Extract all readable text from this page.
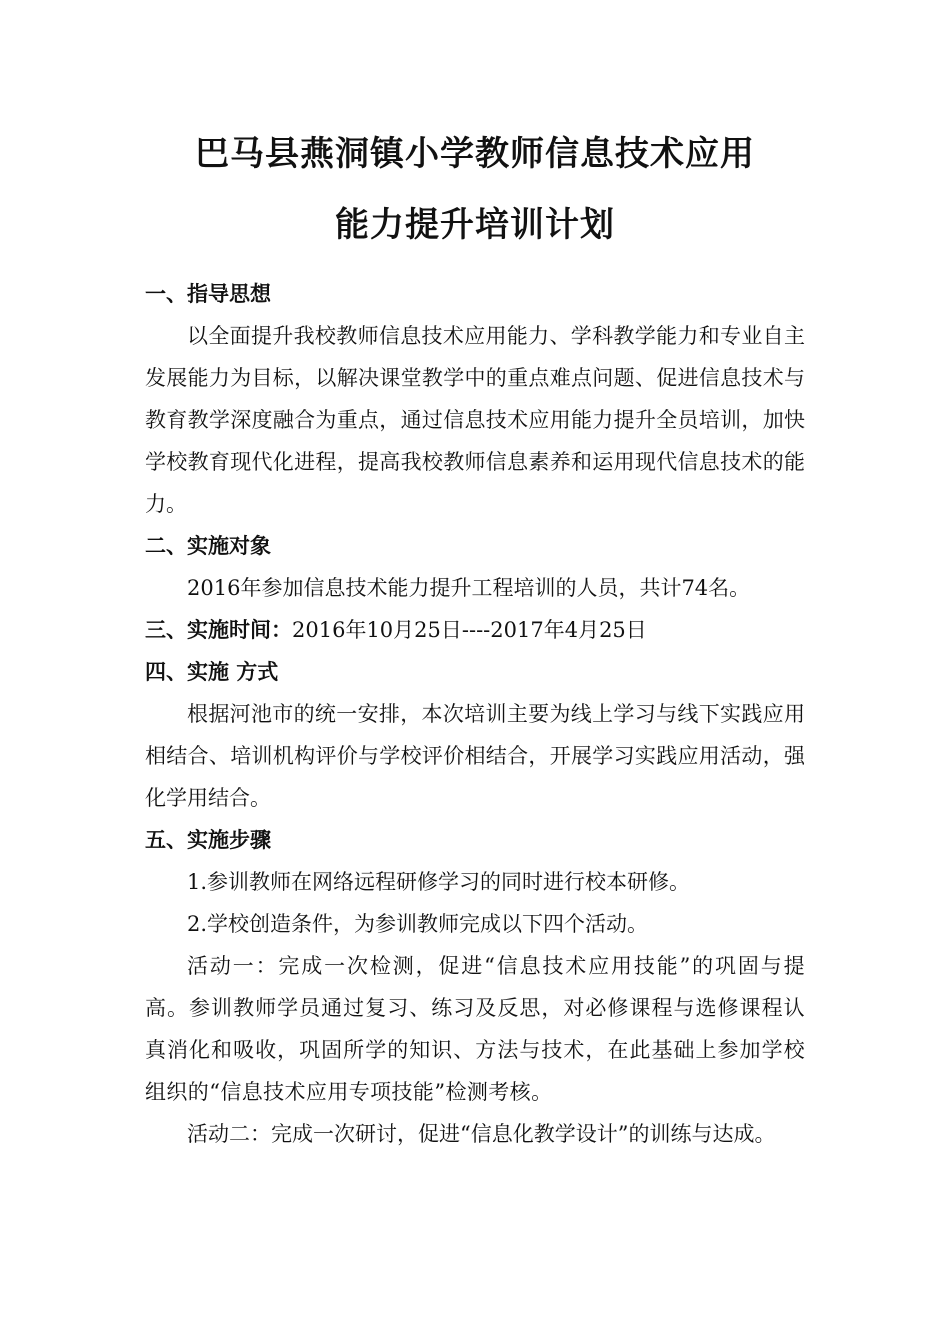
巴马县燕洞镇小学教师信息技术应用
能力提升培训计划
一、指导思想

以全面提升我校教师信息技术应用能力、学科教学能力和专业自主发展能力为目标，以解决课堂教学中的重点难点问题、促进信息技术与教育教学深度融合为重点，通过信息技术应用能力提升全员培训，加快学校教育现代化进程，提高我校教师信息素养和运用现代信息技术的能力。

二、实施对象

2016年参加信息技术能力提升工程培训的人员，共计74名。

三、实施时间：2016年10月25日----2017年4月25日
四、实施 方式

根据河池市的统一安排，本次培训主要为线上学习与线下实践应用相结合、培训机构评价与学校评价相结合，开展学习实践应用活动，强化学用结合。

五、实施步骤

1.参训教师在网络远程研修学习的同时进行校本研修。

2.学校创造条件，为参训教师完成以下四个活动。

活动一：完成一次检测，促进“信息技术应用技能”的巩固与提高。参训教师学员通过复习、练习及反思，对必修课程与选修课程认真消化和吸收，巩固所学的知识、方法与技术，在此基础上参加学校组织的“信息技术应用专项技能”检测考核。

活动二：完成一次研讨，促进“信息化教学设计”的训练与达成。
